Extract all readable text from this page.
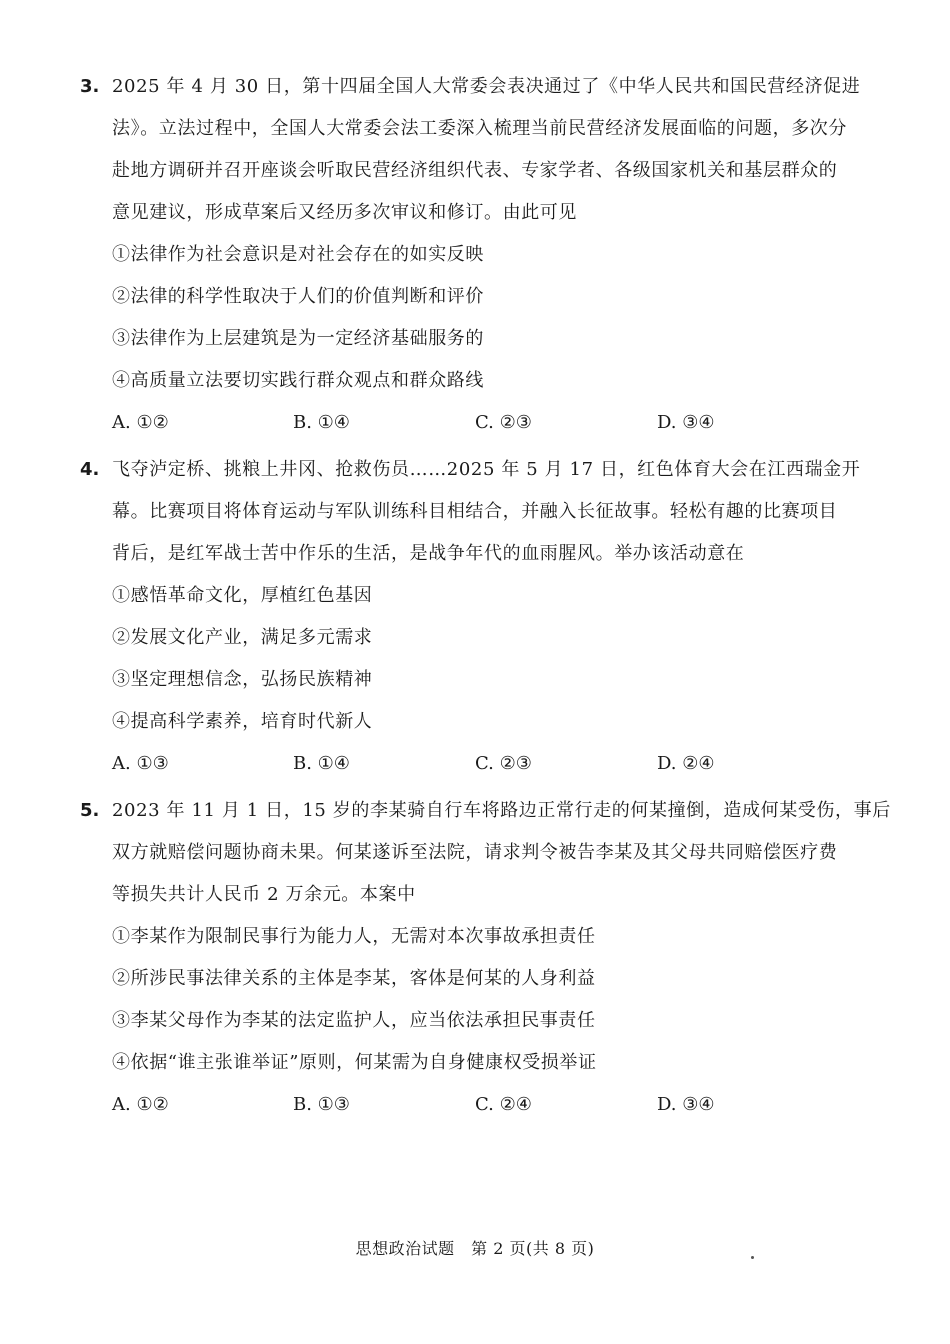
3. 2025 年 4 月 30 日，第十四届全国人大常委会表决通过了《中华人民共和国民营经济促进
法》。立法过程中，全国人大常委会法工委深入梳理当前民营经济发展面临的问题，多次分
赴地方调研并召开座谈会听取民营经济组织代表、专家学者、各级国家机关和基层群众的
意见建议，形成草案后又经历多次审议和修订。由此可见
①法律作为社会意识是对社会存在的如实反映
②法律的科学性取决于人们的价值判断和评价
③法律作为上层建筑是为一定经济基础服务的
④高质量立法要切实践行群众观点和群众路线
A. ①②	B. ①④	C. ②③	D. ③④
4. 飞夺泸定桥、挑粮上井冈、抢救伤员……2025 年 5 月 17 日，红色体育大会在江西瑞金开
幕。比赛项目将体育运动与军队训练科目相结合，并融入长征故事。轻松有趣的比赛项目
背后，是红军战士苦中作乐的生活，是战争年代的血雨腥风。举办该活动意在
①感悟革命文化，厚植红色基因
②发展文化产业，满足多元需求
③坚定理想信念，弘扬民族精神
④提高科学素养，培育时代新人
A. ①③	B. ①④	C. ②③	D. ②④
5. 2023 年 11 月 1 日，15 岁的李某骑自行车将路边正常行走的何某撞倒，造成何某受伤，事后
双方就赔偿问题协商未果。何某遂诉至法院，请求判令被告李某及其父母共同赔偿医疗费
等损失共计人民币 2 万余元。本案中
①李某作为限制民事行为能力人，无需对本次事故承担责任
②所涉民事法律关系的主体是李某，客体是何某的人身利益
③李某父母作为李某的法定监护人，应当依法承担民事责任
④依据“谁主张谁举证”原则，何某需为自身健康权受损举证
A. ①②	B. ①③	C. ②④	D. ③④
思想政治试题　第 2 页(共 8 页)
